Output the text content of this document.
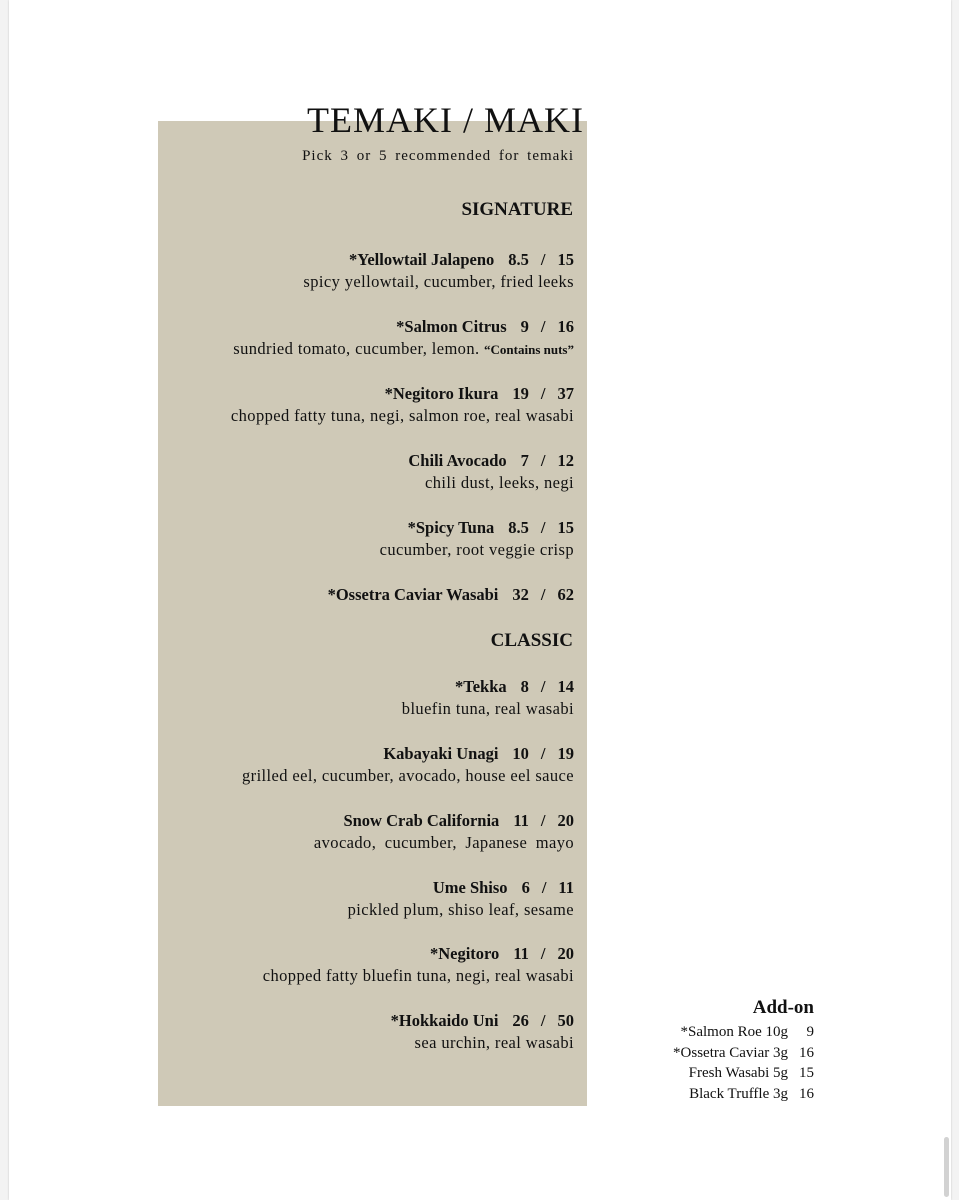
TEMAKI / MAKI
Pick 3 or 5 recommended for temaki
SIGNATURE
*Yellowtail Jalapeno 8.5 / 15
spicy yellowtail, cucumber, fried leeks
*Salmon Citrus 9 / 16
sundried tomato, cucumber, lemon. “Contains nuts”
*Negitoro Ikura 19 / 37
chopped fatty tuna, negi, salmon roe, real wasabi
Chili Avocado 7 / 12
chili dust, leeks, negi
*Spicy Tuna 8.5 / 15
cucumber, root veggie crisp
*Ossetra Caviar Wasabi 32 / 62
CLASSIC
*Tekka 8 / 14
bluefin tuna, real wasabi
Kabayaki Unagi 10 / 19
grilled eel, cucumber, avocado, house eel sauce
Snow Crab California 11 / 20
avocado, cucumber, Japanese mayo
Ume Shiso 6 / 11
pickled plum, shiso leaf, sesame
*Negitoro 11 / 20
chopped fatty bluefin tuna, negi, real wasabi
*Hokkaido Uni 26 / 50
sea urchin, real wasabi
Add-on
*Salmon Roe 10g 9
*Ossetra Caviar 3g 16
Fresh Wasabi 5g 15
Black Truffle 3g 16
